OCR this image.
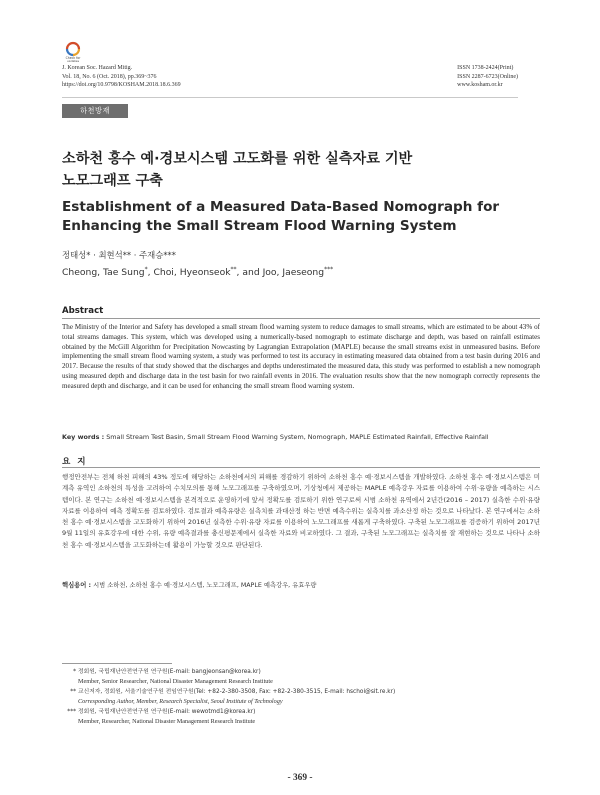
Check for
updates
J. Korean Soc. Hazard Mitig.
Vol. 18, No. 6 (Oct. 2018), pp.369~376
https://doi.org/10.9798/KOSHAM.2018.18.6.369
ISSN 1738-2424(Print)
ISSN 2287-6723(Online)
www.kosham.or.kr
하천방재
소하천 홍수 예·경보시스템 고도화를 위한 실측자료 기반
노모그래프 구축
Establishment of a Measured Data-Based Nomograph for
Enhancing the Small Stream Flood Warning System
정태성* · 최현석** · 주재승***
Cheong, Tae Sung*, Choi, Hyeonseok**, and Joo, Jaeseong***
Abstract
The Ministry of the Interior and Safety has developed a small stream flood warning system to reduce damages to small streams, which are estimated to be about 43% of total streams damages. This system, which was developed using a numerically-based nomograph to estimate discharge and depth, was based on rainfall estimates obtained by the McGill Algorithm for Precipitation Nowcasting by Lagrangian Extrapolation (MAPLE) because the small streams exist in unmeasured basins. Before implementing the small stream flood warning system, a study was performed to test its accuracy in estimating measured data obtained from a test basin during 2016 and 2017. Because the results of that study showed that the discharges and depths underestimated the measured data, this study was performed to establish a new nomograph using measured depth and discharge data in the test basin for two rainfall events in 2016. The evaluation results show that the new nomograph correctly represents the measured depth and discharge, and it can be used for enhancing the small stream flood warning system.
Key words : Small Stream Test Basin, Small Stream Flood Warning System, Nomograph, MAPLE Estimated Rainfall, Effective Rainfall
요지
행정안전부는 전체 하천 피해의 43% 정도에 해당하는 소하천에서의 피해를 경감하기 위하여 소하천 홍수 예·경보시스템을 개발하였다. 소하천 홍수 예·경보시스템은 미계측 유역인 소하천의 특성을 고려하여 수치모의를 통해 노모그래프를 구축하였으며, 기상청에서 제공하는 MAPLE 예측강우 자료를 이용하여 수위·유량을 예측하는 시스템이다. 본 연구는 소하천 예·경보시스템을 본격적으로 운영하기에 앞서 정확도를 검토하기 위한 연구로써 시범 소하천 유역에서 2년간(2016 – 2017) 실측한 수위·유량 자료를 이용하여 예측 정확도를 검토하였다. 검토결과 예측유량은 실측치를 과대산정 하는 반면 예측수위는 실측치를 과소산정 하는 것으로 나타났다. 본 연구에서는 소하천 홍수 예·경보시스템을 고도화하기 위하여 2016년 실측한 수위·유량 자료를 이용하여 노모그래프를 새롭게 구축하였다. 구축된 노모그래프를 검증하기 위하여 2017년 9월 11일의 유효강우에 대한 수위, 유량 예측결과를 충신평문제에서 실측한 자료와 비교하였다. 그 결과, 구축된 노모그래프는 실측치를 잘 재현하는 것으로 나타나 소하천 홍수 예·경보시스템을 고도화하는데 활용이 가능할 것으로 판단된다.
핵심용어 : 시범 소하천, 소하천 홍수 예·경보시스템, 노모그래프, MAPLE 예측강우, 유효우량
* 정회원, 국립재난안전연구원 연구원(E-mail: bangjeonsan@korea.kr)
Member, Senior Researcher, National Disaster Management Research Institute
** 교신저자, 정회원, 서울기술연구원 전임연구원(Tel: +82-2-380-3508, Fax: +82-2-380-3515, E-mail: hschoi@sit.re.kr)
Corresponding Author, Member, Research Specialist, Seoul Institute of Technology
*** 정회원, 국립재난안전연구원 연구원(E-mail: wewotmd1@korea.kr)
Member, Researcher, National Disaster Management Research Institute
- 369 -
